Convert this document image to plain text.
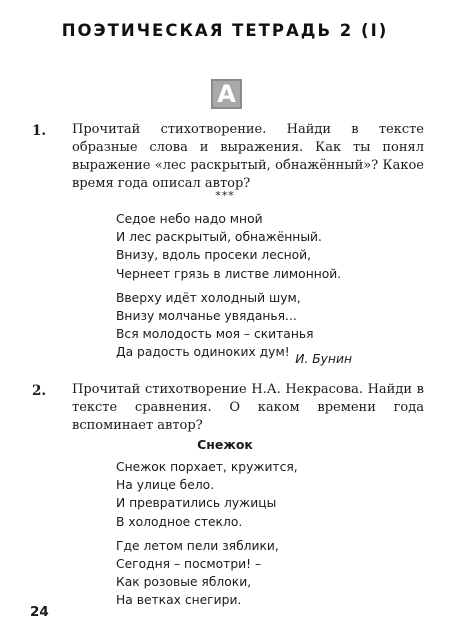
ПОЭТИЧЕСКАЯ ТЕТРАДЬ 2 (I)
А
1. Прочитай стихотворение. Найди в тексте образные слова и выражения. Как ты понял выражение «лес раскрытый, обнажённый»? Какое время года описал автор?
***
Седое небо надо мной
И лес раскрытый, обнажённый.
Внизу, вдоль просеки лесной,
Чернеет грязь в листве лимонной.
Вверху идёт холодный шум,
Внизу молчанье увяданья...
Вся молодость моя – скитанья
Да радость одиноких дум! И. Бунин
2. Прочитай стихотворение Н.А. Некрасова. Найди в тексте сравнения. О каком времени года вспоминает автор?
Снежок
Снежок порхает, кружится,
На улице бело.
И превратились лужицы
В холодное стекло.
Где летом пели зяблики,
Сегодня – посмотри! –
Как розовые яблоки,
На ветках снегири.
24
